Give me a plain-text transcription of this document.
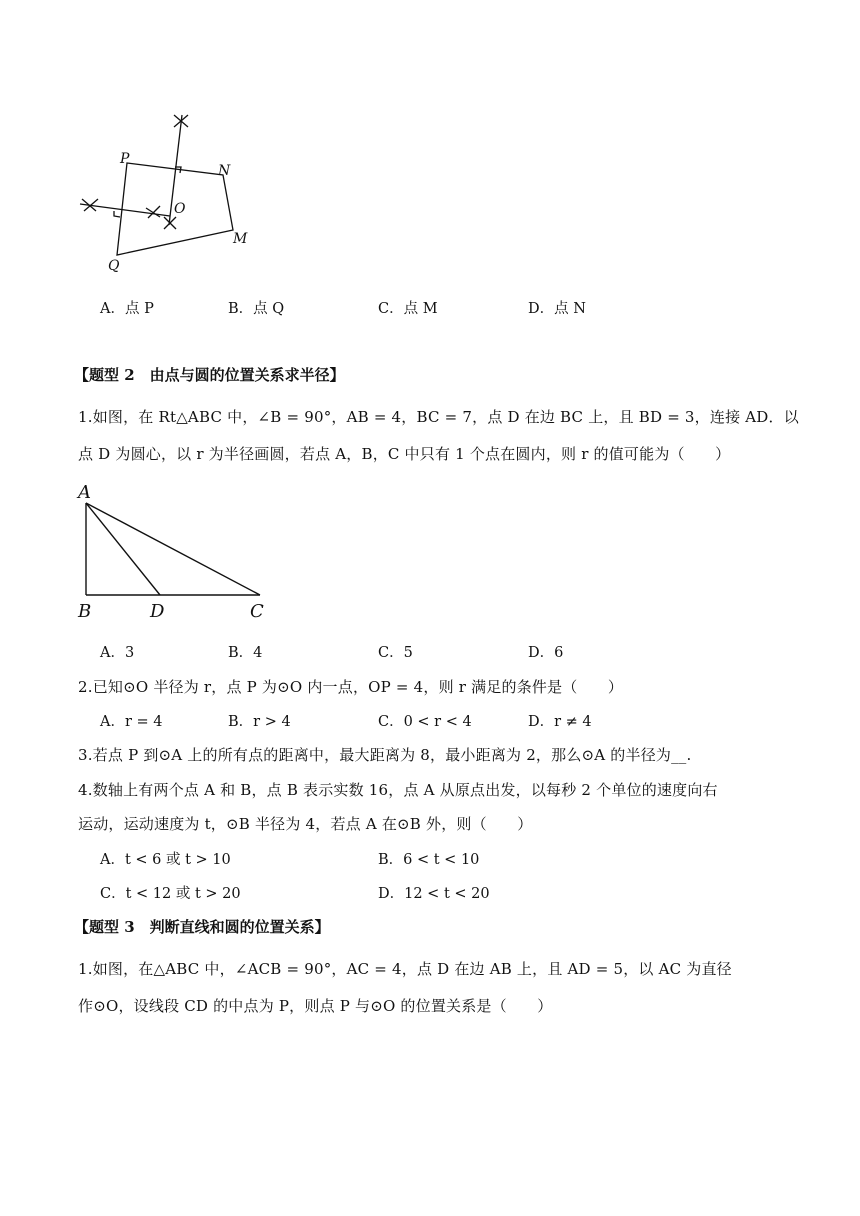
P
N
O
M
Q
A．点 P	B．点 Q	C．点 M	D．点 N
【题型 2　由点与圆的位置关系求半径】
1.如图，在 Rt△ABC 中，∠B = 90°，AB = 4，BC = 7，点 D 在边 BC 上，且 BD = 3，连接 AD．以
点 D 为圆心，以 r 为半径画圆，若点 A，B，C 中只有 1 个点在圆内，则 r 的值可能为（　　）
A
B	D	C
A．3	B．4	C．5	D．6
2.已知⊙O 半径为 r，点 P 为⊙O 内一点，OP = 4，则 r 满足的条件是（　　）
A．r = 4	B．r > 4	C．0 < r < 4	D．r ≠ 4
3.若点 P 到⊙A 上的所有点的距离中，最大距离为 8，最小距离为 2，那么⊙A 的半径为__.
4.数轴上有两个点 A 和 B，点 B 表示实数 16，点 A 从原点出发，以每秒 2 个单位的速度向右
运动，运动速度为 t，⊙B 半径为 4，若点 A 在⊙B 外，则（　　）
A．t < 6 或 t > 10	B．6 < t < 10
C．t < 12 或 t > 20	D．12 < t < 20
【题型 3　判断直线和圆的位置关系】
1.如图，在△ABC 中，∠ACB = 90°，AC = 4，点 D 在边 AB 上，且 AD = 5，以 AC 为直径
作⊙O，设线段 CD 的中点为 P，则点 P 与⊙O 的位置关系是（　　）
